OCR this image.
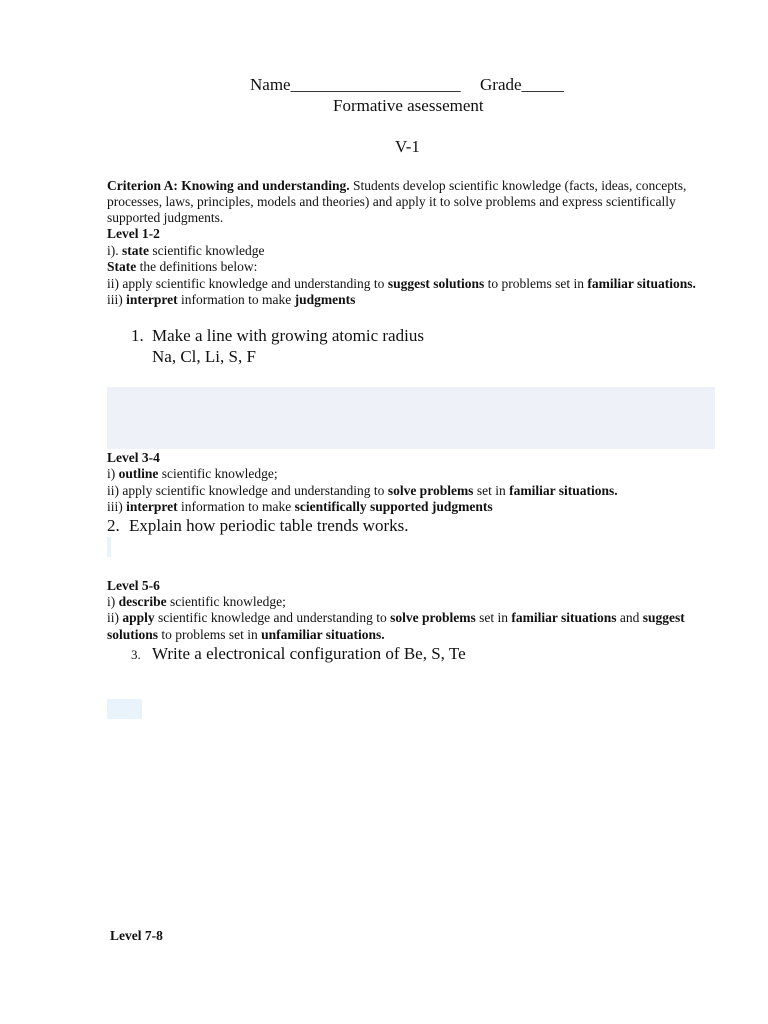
Name____________________ Grade_____
Formative asessement
V-1
Criterion A: Knowing and understanding. Students develop scientific knowledge (facts, ideas, concepts,
processes, laws, principles, models and theories) and apply it to solve problems and express scientifically
supported judgments.
Level 1-2
i). state scientific knowledge
State the definitions below:
ii) apply scientific knowledge and understanding to suggest solutions to problems set in familiar situations.
iii) interpret information to make judgments
1. Make a line with growing atomic radius
Na, Cl, Li, S, F
Level 3-4
i) outline scientific knowledge;
ii) apply scientific knowledge and understanding to solve problems set in familiar situations.
iii) interpret information to make scientifically supported judgments
2. Explain how periodic table trends works.
Level 5-6
i) describe scientific knowledge;
ii) apply scientific knowledge and understanding to solve problems set in familiar situations and suggest
solutions to problems set in unfamiliar situations.
3. Write a electronical configuration of Be, S, Te
Level 7-8
